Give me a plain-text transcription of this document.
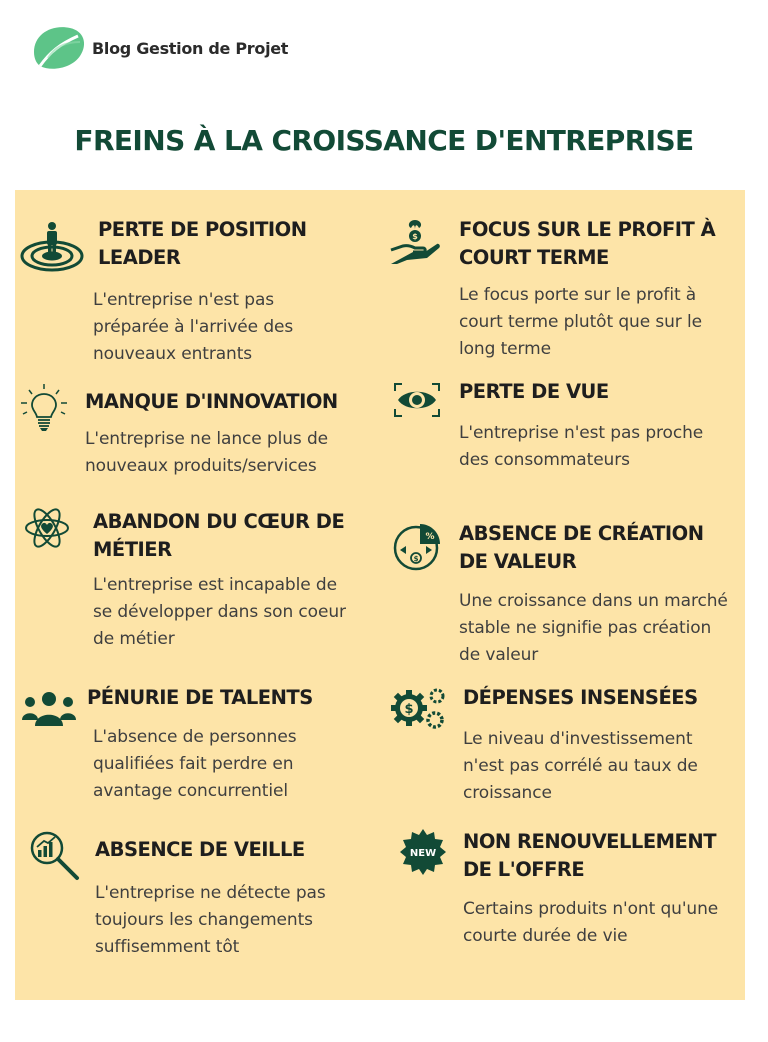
Blog Gestion de Projet
FREINS À LA CROISSANCE D'ENTREPRISE
PERTE DE POSITION LEADER

L'entreprise n'est pas préparée à l'arrivée des nouveaux entrants

$ FOCUS SUR LE PROFIT À COURT TERME

Le focus porte sur le profit à court terme plutôt que sur le long terme

MANQUE D'INNOVATION

L'entreprise ne lance plus de nouveaux produits/services

PERTE DE VUE

L'entreprise n'est pas proche des consommateurs

ABANDON DU CŒUR DE MÉTIER

L'entreprise est incapable de se développer dans son coeur de métier

%
$
ABSENCE DE CRÉATION DE VALEUR

Une croissance dans un marché stable ne signifie pas création de valeur

PÉNURIE DE TALENTS

L'absence de personnes qualifiées fait perdre en avantage concurrentiel

$
DÉPENSES INSENSÉES

Le niveau d'investissement n'est pas corrélé au taux de croissance

ABSENCE DE VEILLE

L'entreprise ne détecte pas toujours les changements suffisemment tôt

NEW
NON RENOUVELLEMENT DE L'OFFRE

Certains produits n'ont qu'une courte durée de vie
